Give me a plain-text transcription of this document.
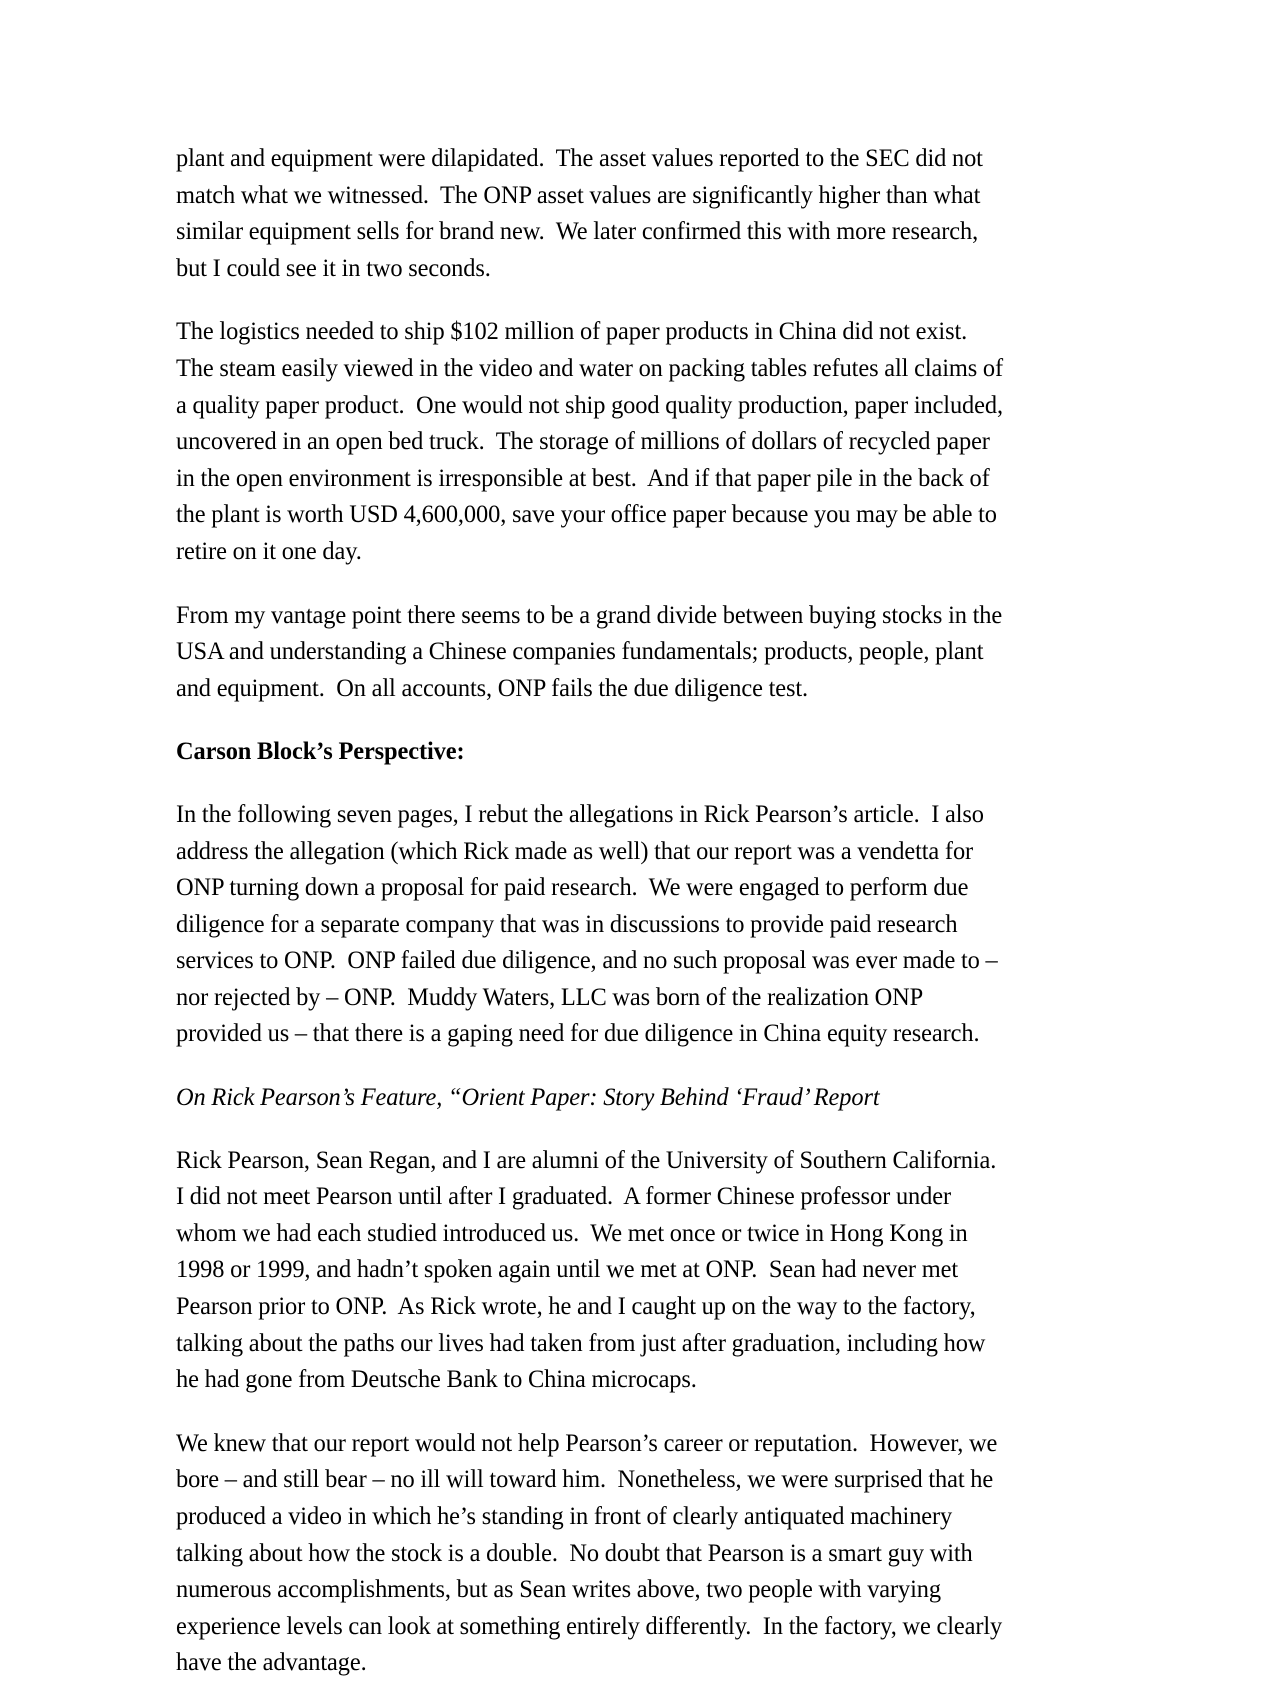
plant and equipment were dilapidated.  The asset values reported to the SEC did not match what we witnessed.  The ONP asset values are significantly higher than what similar equipment sells for brand new.  We later confirmed this with more research, but I could see it in two seconds.

The logistics needed to ship $102 million of paper products in China did not exist.  The steam easily viewed in the video and water on packing tables refutes all claims of a quality paper product.  One would not ship good quality production, paper included, uncovered in an open bed truck.  The storage of millions of dollars of recycled paper in the open environment is irresponsible at best.  And if that paper pile in the back of the plant is worth USD 4,600,000, save your office paper because you may be able to retire on it one day.

From my vantage point there seems to be a grand divide between buying stocks in the USA and understanding a Chinese companies fundamentals; products, people, plant and equipment.  On all accounts, ONP fails the due diligence test.

Carson Block’s Perspective:

In the following seven pages, I rebut the allegations in Rick Pearson’s article.  I also address the allegation (which Rick made as well) that our report was a vendetta for ONP turning down a proposal for paid research.  We were engaged to perform due diligence for a separate company that was in discussions to provide paid research services to ONP.  ONP failed due diligence, and no such proposal was ever made to – nor rejected by – ONP.  Muddy Waters, LLC was born of the realization ONP provided us – that there is a gaping need for due diligence in China equity research.

On Rick Pearson’s Feature, “Orient Paper: Story Behind ‘Fraud’ Report

Rick Pearson, Sean Regan, and I are alumni of the University of Southern California.  I did not meet Pearson until after I graduated.  A former Chinese professor under whom we had each studied introduced us.  We met once or twice in Hong Kong in 1998 or 1999, and hadn’t spoken again until we met at ONP.  Sean had never met Pearson prior to ONP.  As Rick wrote, he and I caught up on the way to the factory, talking about the paths our lives had taken from just after graduation, including how he had gone from Deutsche Bank to China microcaps.

We knew that our report would not help Pearson’s career or reputation.  However, we bore – and still bear – no ill will toward him.  Nonetheless, we were surprised that he produced a video in which he’s standing in front of clearly antiquated machinery talking about how the stock is a double.  No doubt that Pearson is a smart guy with numerous accomplishments, but as Sean writes above, two people with varying experience levels can look at something entirely differently.  In the factory, we clearly have the advantage.
